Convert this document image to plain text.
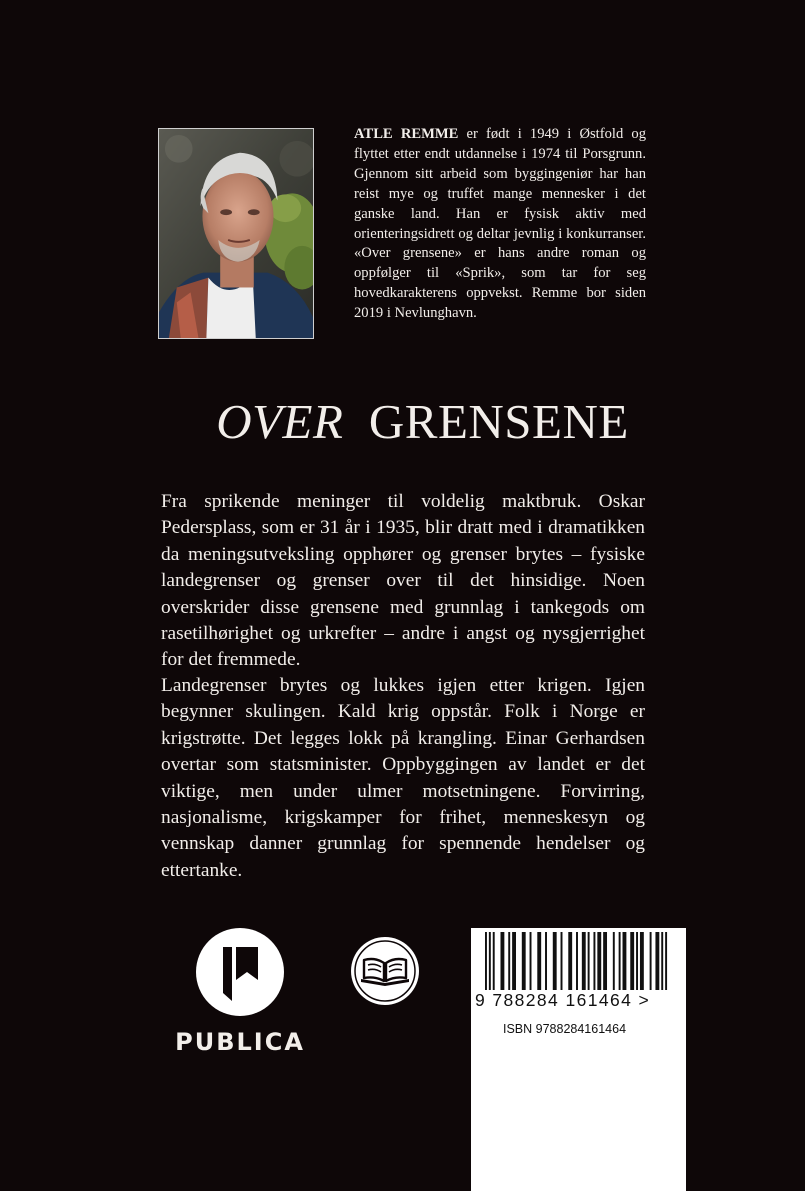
ATLE REMME er født i 1949 i Østfold og flyttet etter endt utdannelse i 1974 til Porsgrunn. Gjennom sitt arbeid som byggingeniør har han reist mye og truffet mange mennesker i det ganske land. Han er fysisk aktiv med orienteringsidrett og deltar jevnlig i konkurranser. «Over grensene» er hans andre roman og oppfølger til «Sprik», som tar for seg hovedkarakterens oppvekst. Remme bor siden 2019 i Nevlunghavn.

OVER GRENSENE

Fra sprikende meninger til voldelig maktbruk. Oskar Pedersplass, som er 31 år i 1935, blir dratt med i dramatikken da meningsutveksling opphører og grenser brytes – fysiske landegrenser og grenser over til det hinsidige. Noen overskrider disse grensene med grunnlag i tankegods om rasetilhørighet og urkrefter – andre i angst og nysgjerrighet for det fremmede.

Landegrenser brytes og lukkes igjen etter krigen. Igjen begynner skulingen. Kald krig oppstår. Folk i Norge er krigstrøtte. Det legges lokk på krangling. Einar Gerhardsen overtar som statsminister. Oppbyggingen av landet er det viktige, men under ulmer motsetningene. Forvirring, nasjonalisme, krigskamper for frihet, menneskesyn og vennskap danner grunnlag for spennende hendelser og ettertanke.

PUBLICA

9 788284 161464 >

ISBN 9788284161464
